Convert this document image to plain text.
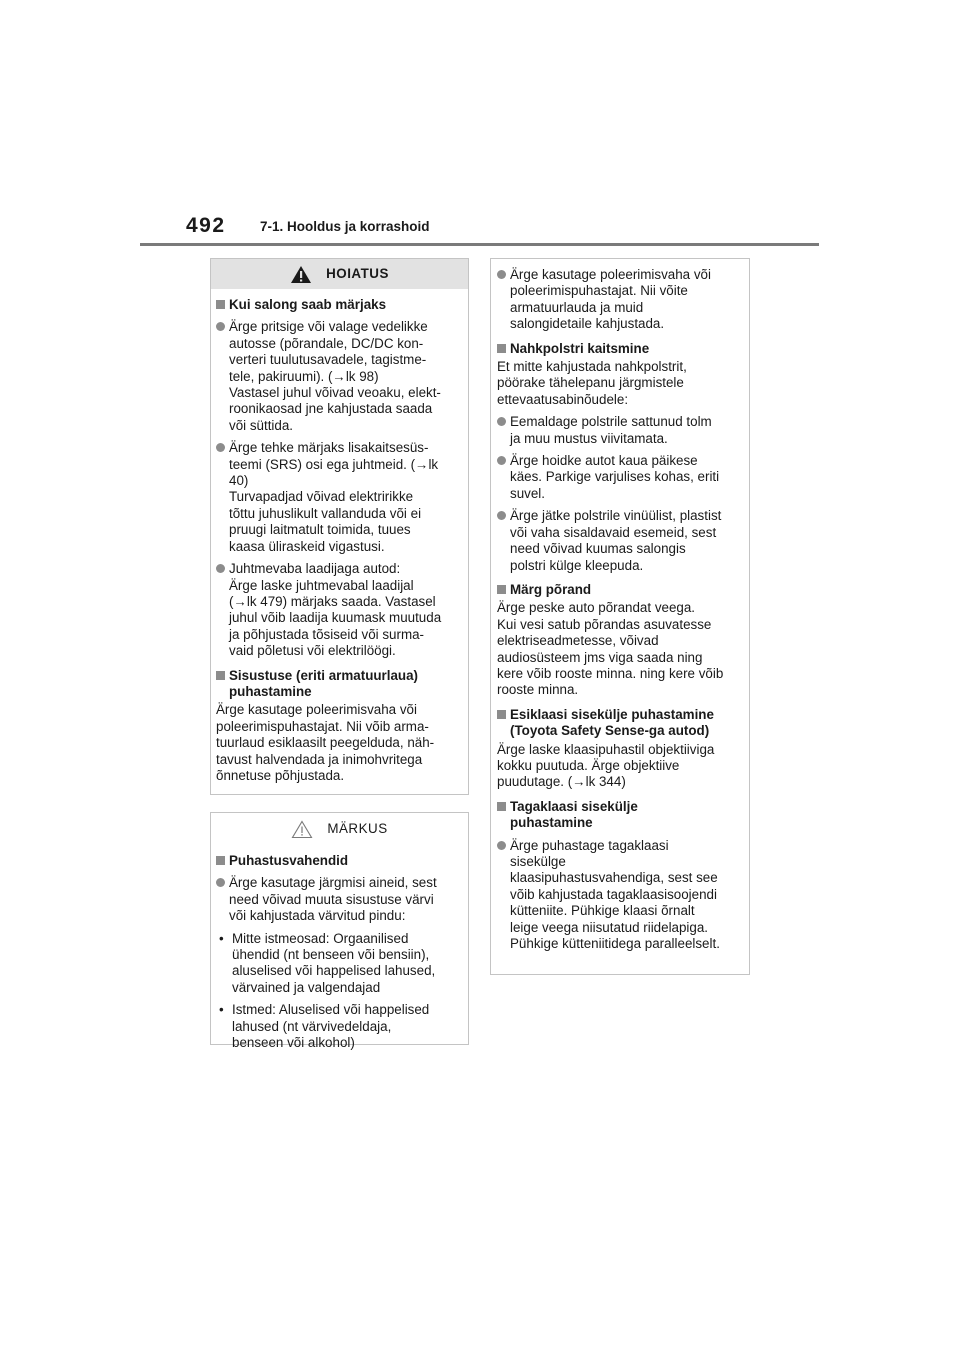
492	7-1. Hooldus ja korrashoid
HOIATUS
Kui salong saab märjaks
Ärge pritsige või valage vedelikke
autosse (põrandale, DC/DC kon-
verteri tuulutusavadele, tagistme-
tele, pakiruumi). (→lk 98)
Vastasel juhul võivad veoaku, elekt-
roonikaosad jne kahjustada saada
või süttida.
Ärge tehke märjaks lisakaitsesüs-
teemi (SRS) osi ega juhtmeid. (→lk
40)
Turvapadjad võivad elektririkke
tõttu juhuslikult vallanduda või ei
pruugi laitmatult toimida, tuues
kaasa üliraskeid vigastusi.
Juhtmevaba laadijaga autod:
Ärge laske juhtmevabal laadijal
(→lk 479) märjaks saada. Vastasel
juhul võib laadija kuumask muutuda
ja põhjustada tõsiseid või surma-
vaid põletusi või elektrilöögi.
Sisustuse (eriti armatuurlaua)
puhastamine
Ärge kasutage poleerimisvaha või
poleerimispuhastajat. Nii võib arma-
tuurlaud esiklaasilt peegelduda, näh-
tavust halvendada ja inimohvritega
õnnetuse põhjustada.
MÄRKUS
Puhastusvahendid
Ärge kasutage järgmisi aineid, sest
need võivad muuta sisustuse värvi
või kahjustada värvitud pindu:
• Mitte istmeosad: Orgaanilised
ühendid (nt benseen või bensiin),
aluselised või happelised lahused,
värvained ja valgendajad
• Istmed: Aluselised või happelised
lahused (nt värvivedeldaja,
benseen või alkohol)
Ärge kasutage poleerimisvaha või
poleerimispuhastajat. Nii võite
armatuurlauda ja muid
salongidetaile kahjustada.
Nahkpolstri kaitsmine
Et mitte kahjustada nahkpolstrit,
pöörake tähelepanu järgmistele
ettevaatusabinõudele:
Eemaldage polstrile sattunud tolm
ja muu mustus viivitamata.
Ärge hoidke autot kaua päikese
käes. Parkige varjulises kohas, eriti
suvel.
Ärge jätke polstrile vinüülist, plastist
või vaha sisaldavaid esemeid, sest
need võivad kuumas salongis
polstri külge kleepuda.
Märg põrand
Ärge peske auto põrandat veega.
Kui vesi satub põrandas asuvatesse
elektriseadmetesse, võivad
audiosüsteem jms viga saada ning
kere võib rooste minna. ning kere võib
rooste minna.
Esiklaasi sisekülje puhastamine
(Toyota Safety Sense-ga autod)
Ärge laske klaasipuhastil objektiiviga
kokku puutuda. Ärge objektiive
puudutage. (→lk 344)
Tagaklaasi sisekülje
puhastamine
Ärge puhastage tagaklaasi
sisekülge
klaasipuhastusvahendiga, sest see
võib kahjustada tagaklaasisoojendi
kütteniite. Pühkige klaasi õrnalt
leige veega niisutatud riidelapiga.
Pühkige kütteniitidega paralleelselt.
